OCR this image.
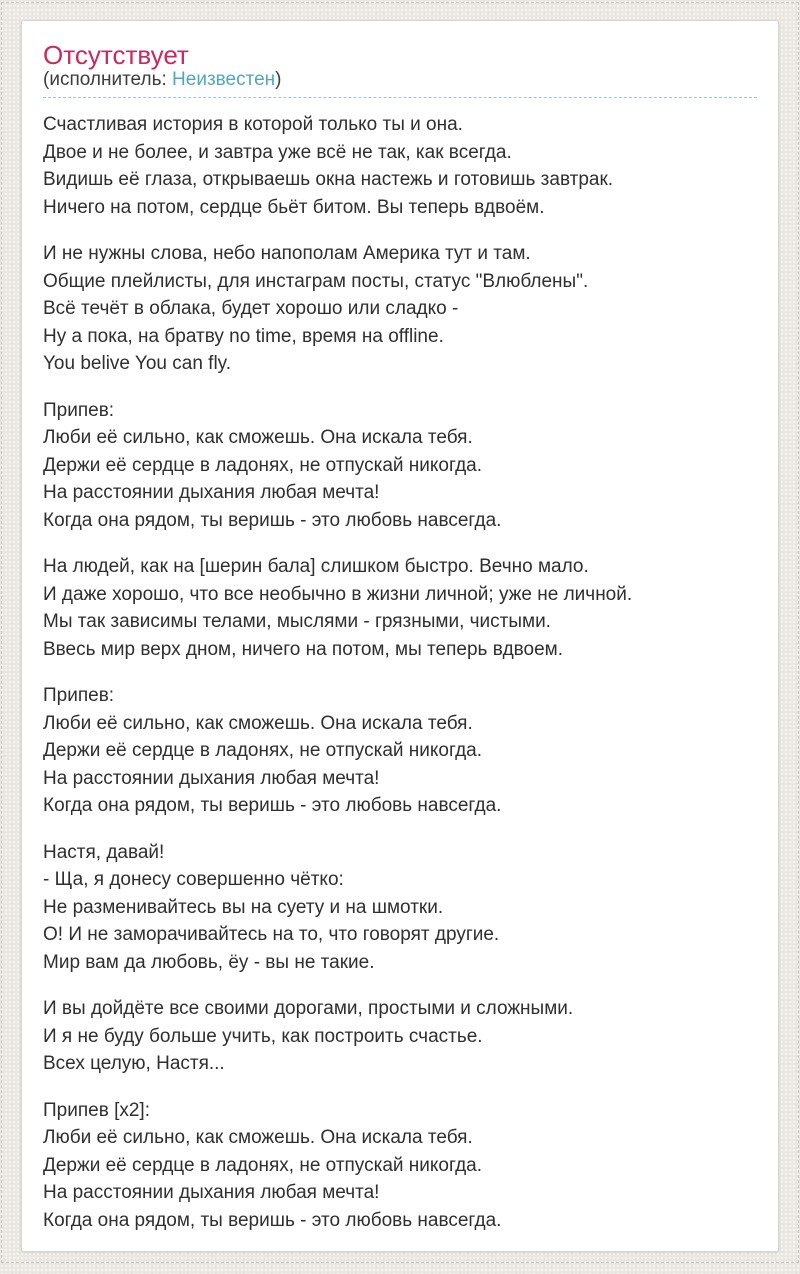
Отсутствует
(исполнитель: Неизвестен)

Счастливая история в которой только ты и она.
Двое и не более, и завтра уже всё не так, как всегда.
Видишь её глаза, открываешь окна настежь и готовишь завтрак.
Ничего на потом, сердце бьёт битом. Вы теперь вдвоём.

И не нужны слова, небо напополам Америка тут и там.
Общие плейлисты, для инстаграм посты, статус "Влюблены".
Всё течёт в облака, будет хорошо или сладко -
Ну а пока, на братву no time, время на offline.
You belive You can fly.

Припев:
Люби её сильно, как сможешь. Она искала тебя.
Держи её сердце в ладонях, не отпускай никогда.
На расстоянии дыхания любая мечта!
Когда она рядом, ты веришь - это любовь навсегда.

На людей, как на [шерин бала] слишком быстро. Вечно мало.
И даже хорошо, что все необычно в жизни личной; уже не личной.
Мы так зависимы телами, мыслями - грязными, чистыми.
Ввесь мир верх дном, ничего на потом, мы теперь вдвоем.

Припев:
Люби её сильно, как сможешь. Она искала тебя.
Держи её сердце в ладонях, не отпускай никогда.
На расстоянии дыхания любая мечта!
Когда она рядом, ты веришь - это любовь навсегда.

Настя, давай!
- Ща, я донесу совершенно чётко:
Не разменивайтесь вы на суету и на шмотки.
О! И не заморачивайтесь на то, что говорят другие.
Мир вам да любовь, ёу - вы не такие.

И вы дойдёте все своими дорогами, простыми и сложными.
И я не буду больше учить, как построить счастье.
Всех целую, Настя...

Припев [x2]:
Люби её сильно, как сможешь. Она искала тебя.
Держи её сердце в ладонях, не отпускай никогда.
На расстоянии дыхания любая мечта!
Когда она рядом, ты веришь - это любовь навсегда.
